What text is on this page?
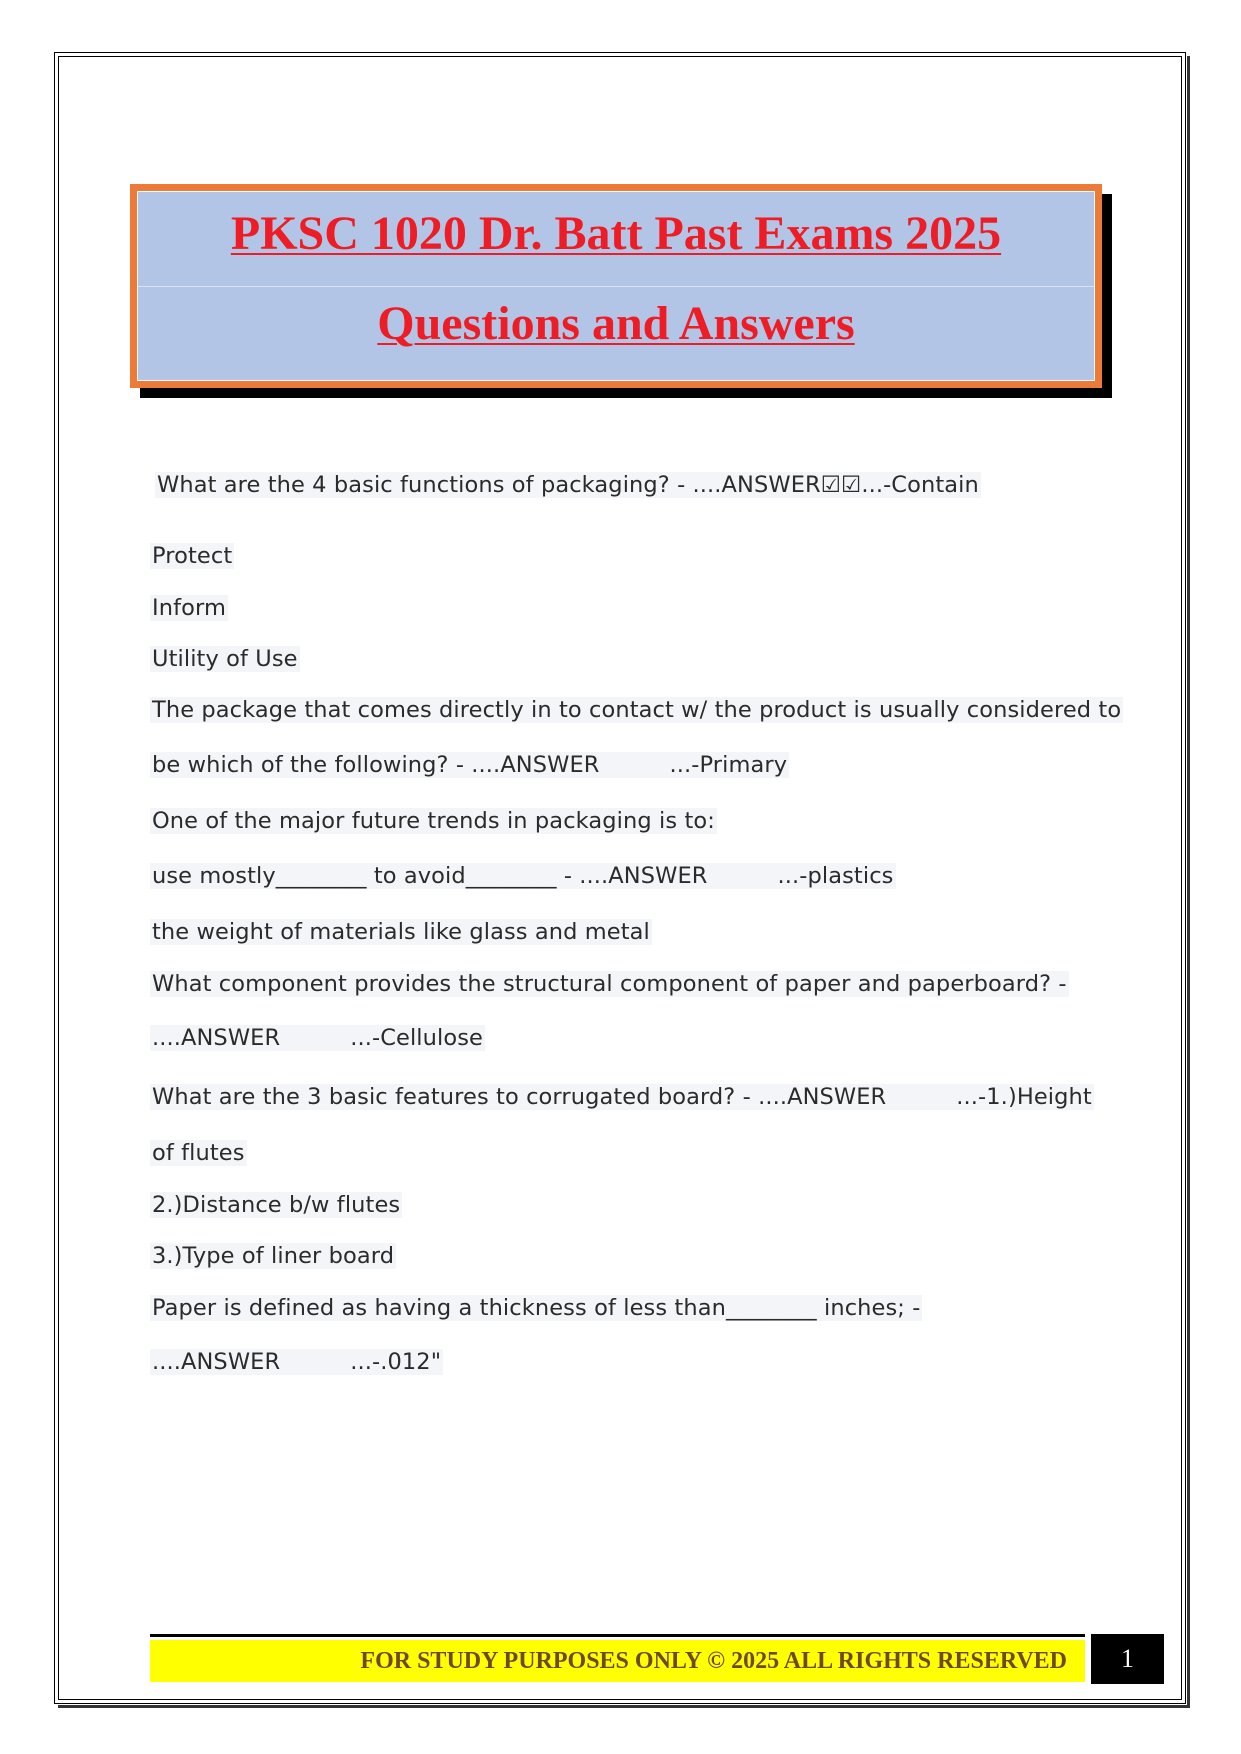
PKSC 1020 Dr. Batt Past Exams 2025
Questions and Answers
What are the 4 basic functions of packaging? - ....ANSWER☑☑...-Contain
Protect
Inform
Utility of Use
The package that comes directly in to contact w/ the product is usually considered to
be which of the following? - ....ANSWER	...-Primary
One of the major future trends in packaging is to:
use mostly________ to avoid________ - ....ANSWER	...-plastics
the weight of materials like glass and metal
What component provides the structural component of paper and paperboard? -
....ANSWER	...-Cellulose
What are the 3 basic features to corrugated board? - ....ANSWER	...-1.)Height
of flutes
2.)Distance b/w flutes
3.)Type of liner board
Paper is defined as having a thickness of less than________ inches; -
....ANSWER	...-.012"
FOR STUDY PURPOSES ONLY © 2025 ALL RIGHTS RESERVED	1
